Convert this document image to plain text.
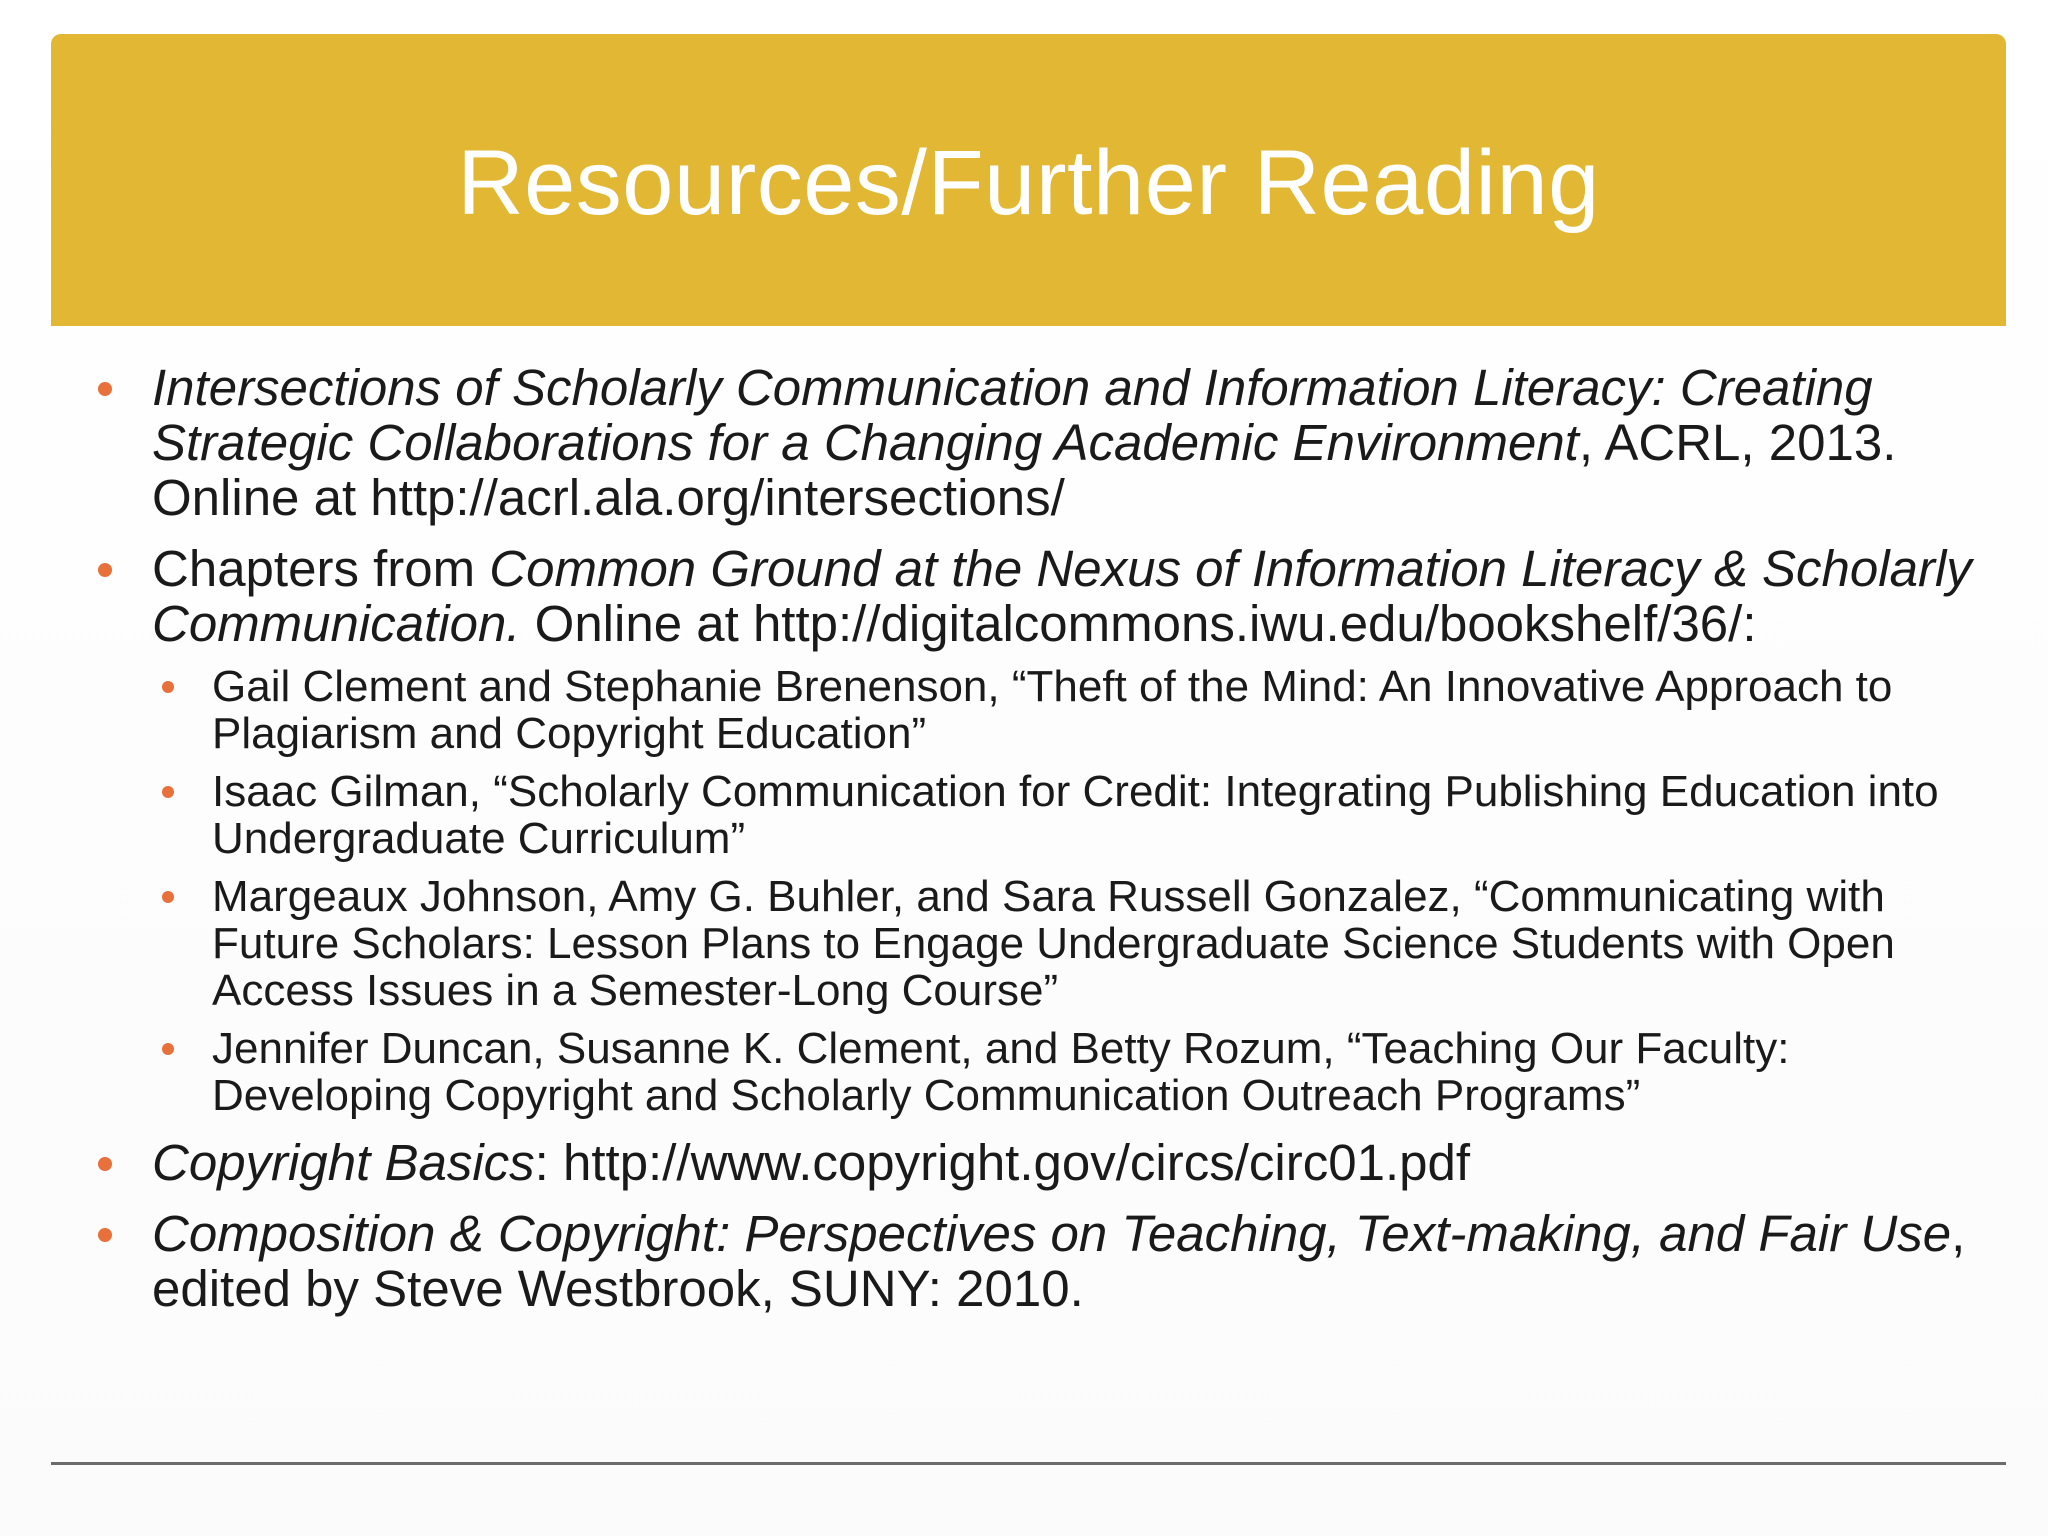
Resources/Further Reading
Intersections of Scholarly Communication and Information Literacy: Creating Strategic Collaborations for a Changing Academic Environment, ACRL, 2013. Online at http://acrl.ala.org/intersections/
Chapters from Common Ground at the Nexus of Information Literacy & Scholarly Communication. Online at http://digitalcommons.iwu.edu/bookshelf/36/:
Gail Clement and Stephanie Brenenson, “Theft of the Mind: An Innovative Approach to Plagiarism and Copyright Education”
Isaac Gilman, “Scholarly Communication for Credit: Integrating Publishing Education into Undergraduate Curriculum”
Margeaux Johnson, Amy G. Buhler, and Sara Russell Gonzalez, “Communicating with Future Scholars: Lesson Plans to Engage Undergraduate Science Students with Open Access Issues in a Semester-Long Course”
Jennifer Duncan, Susanne K. Clement, and Betty Rozum, “Teaching Our Faculty: Developing Copyright and Scholarly Communication Outreach Programs”
Copyright Basics: http://www.copyright.gov/circs/circ01.pdf
Composition & Copyright: Perspectives on Teaching, Text-making, and Fair Use, edited by Steve Westbrook, SUNY: 2010.
